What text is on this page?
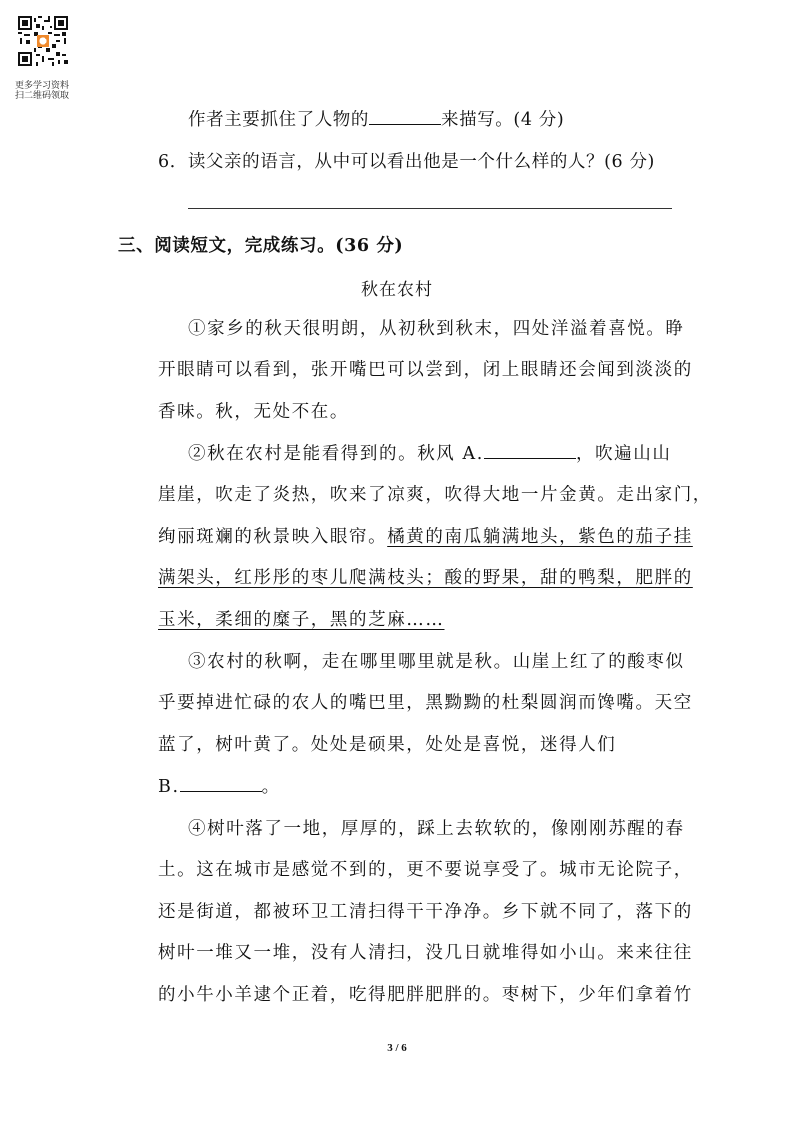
更多学习资料
扫二维码领取
作者主要抓住了人物的	来描写。(4 分)
6．读父亲的语言，从中可以看出他是一个什么样的人？(6 分)
三、阅读短文，完成练习。(36 分)
秋在农村
①家乡的秋天很明朗，从初秋到秋末，四处洋溢着喜悦。睁
开眼睛可以看到，张开嘴巴可以尝到，闭上眼睛还会闻到淡淡的
香味。秋，无处不在。
②秋在农村是能看得到的。秋风 A.	，吹遍山山
崖崖，吹走了炎热，吹来了凉爽，吹得大地一片金黄。走出家门，
绚丽斑斓的秋景映入眼帘。橘黄的南瓜躺满地头，紫色的茄子挂
满架头，红彤彤的枣儿爬满枝头；酸的野果，甜的鸭梨，肥胖的
玉米，柔细的糜子，黑的芝麻……
③农村的秋啊，走在哪里哪里就是秋。山崖上红了的酸枣似
乎要掉进忙碌的农人的嘴巴里，黑黝黝的杜梨圆润而馋嘴。天空
蓝了，树叶黄了。处处是硕果，处处是喜悦，迷得人们
B.	。
④树叶落了一地，厚厚的，踩上去软软的，像刚刚苏醒的春
土。这在城市是感觉不到的，更不要说享受了。城市无论院子，
还是街道，都被环卫工清扫得干干净净。乡下就不同了，落下的
树叶一堆又一堆，没有人清扫，没几日就堆得如小山。来来往往
的小牛小羊逮个正着，吃得肥胖肥胖的。枣树下，少年们拿着竹
3 / 6
